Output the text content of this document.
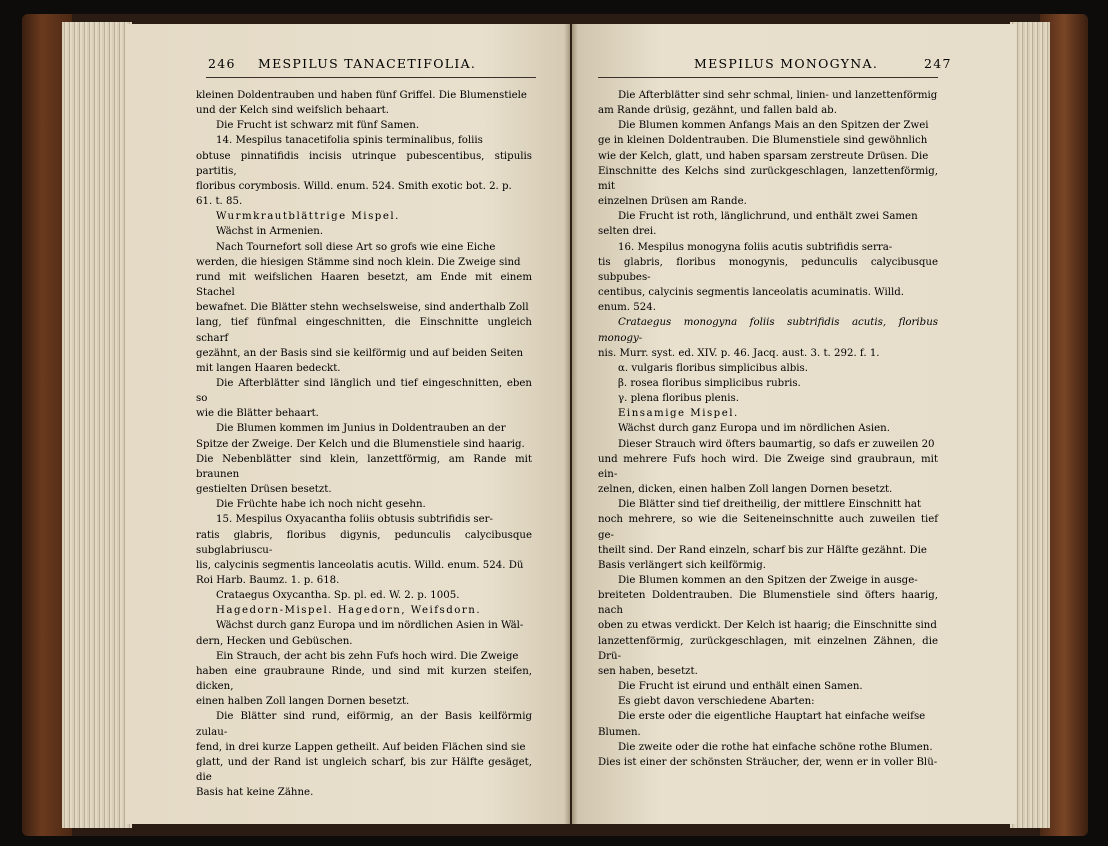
246 MESPILUS TANACETIFOLIA.	MESPILUS MONOGYNA.	247

kleinen Doldentrauben und haben fünf Griffel. Die Blumenstiele

und der Kelch sind weifslich behaart.

Die Frucht ist schwarz mit fünf Samen.

14. Mespilus tanacetifolia spinis terminalibus, foliis

obtuse pinnatifidis incisis utrinque pubescentibus, stipulis partitis,

floribus corymbosis. Willd. enum. 524. Smith exotic bot. 2. p.

61. t. 85.

Wurmkrautblättrige Mispel.

Wächst in Armenien.

Nach Tournefort soll diese Art so grofs wie eine Eiche

werden, die hiesigen Stämme sind noch klein. Die Zweige sind

rund mit weifslichen Haaren besetzt, am Ende mit einem Stachel

bewafnet. Die Blätter stehn wechselsweise, sind anderthalb Zoll

lang, tief fünfmal eingeschnitten, die Einschnitte ungleich scharf

gezähnt, an der Basis sind sie keilförmig und auf beiden Seiten

mit langen Haaren bedeckt.

Die Afterblätter sind länglich und tief eingeschnitten, eben so

wie die Blätter behaart.

Die Blumen kommen im Junius in Doldentrauben an der

Spitze der Zweige. Der Kelch und die Blumenstiele sind haarig.

Die Nebenblätter sind klein, lanzettförmig, am Rande mit braunen

gestielten Drüsen besetzt.

Die Früchte habe ich noch nicht gesehn.

15. Mespilus Oxyacantha foliis obtusis subtrifidis ser-

ratis glabris, floribus digynis, pedunculis calycibusque subglabriuscu-

lis, calycinis segmentis lanceolatis acutis. Willd. enum. 524. Dü

Roi Harb. Baumz. 1. p. 618.

Crataegus Oxycantha. Sp. pl. ed. W. 2. p. 1005.

Hagedorn-Mispel. Hagedorn, Weifsdorn.

Wächst durch ganz Europa und im nördlichen Asien in Wäl-

dern, Hecken und Gebüschen.

Ein Strauch, der acht bis zehn Fufs hoch wird. Die Zweige

haben eine graubraune Rinde, und sind mit kurzen steifen, dicken,

einen halben Zoll langen Dornen besetzt.

Die Blätter sind rund, eiförmig, an der Basis keilförmig zulau-

fend, in drei kurze Lappen getheilt. Auf beiden Flächen sind sie

glatt, und der Rand ist ungleich scharf, bis zur Hälfte gesäget, die

Basis hat keine Zähne.

Die Afterblätter sind sehr schmal, linien- und lanzettenförmig

am Rande drüsig, gezähnt, und fallen bald ab.

Die Blumen kommen Anfangs Mais an den Spitzen der Zwei

ge in kleinen Doldentrauben. Die Blumenstiele sind gewöhnlich

wie der Kelch, glatt, und haben sparsam zerstreute Drüsen. Die

Einschnitte des Kelchs sind zurückgeschlagen, lanzettenförmig, mit

einzelnen Drüsen am Rande.

Die Frucht ist roth, länglichrund, und enthält zwei Samen

selten drei.

16. Mespilus monogyna foliis acutis subtrifidis serra-

tis glabris, floribus monogynis, pedunculis calycibusque subpubes-

centibus, calycinis segmentis lanceolatis acuminatis. Willd.

enum. 524.

Crataegus monogyna foliis subtrifidis acutis, floribus monogy-

nis. Murr. syst. ed. XIV. p. 46. Jacq. aust. 3. t. 292. f. 1.

α. vulgaris floribus simplicibus albis.

β. rosea floribus simplicibus rubris.

γ. plena floribus plenis.

Einsamige Mispel.

Wächst durch ganz Europa und im nördlichen Asien.

Dieser Strauch wird öfters baumartig, so dafs er zuweilen 20

und mehrere Fufs hoch wird. Die Zweige sind graubraun, mit ein-

zelnen, dicken, einen halben Zoll langen Dornen besetzt.

Die Blätter sind tief dreitheilig, der mittlere Einschnitt hat

noch mehrere, so wie die Seiteneinschnitte auch zuweilen tief ge-

theilt sind. Der Rand einzeln, scharf bis zur Hälfte gezähnt. Die

Basis verlängert sich keilförmig.

Die Blumen kommen an den Spitzen der Zweige in ausge-

breiteten Doldentrauben. Die Blumenstiele sind öfters haarig, nach

oben zu etwas verdickt. Der Kelch ist haarig; die Einschnitte sind

lanzettenförmig, zurückgeschlagen, mit einzelnen Zähnen, die Drü-

sen haben, besetzt.

Die Frucht ist eirund und enthält einen Samen.

Es giebt davon verschiedene Abarten:

Die erste oder die eigentliche Hauptart hat einfache weifse

Blumen.

Die zweite oder die rothe hat einfache schöne rothe Blumen.

Dies ist einer der schönsten Sträucher, der, wenn er in voller Blü-
